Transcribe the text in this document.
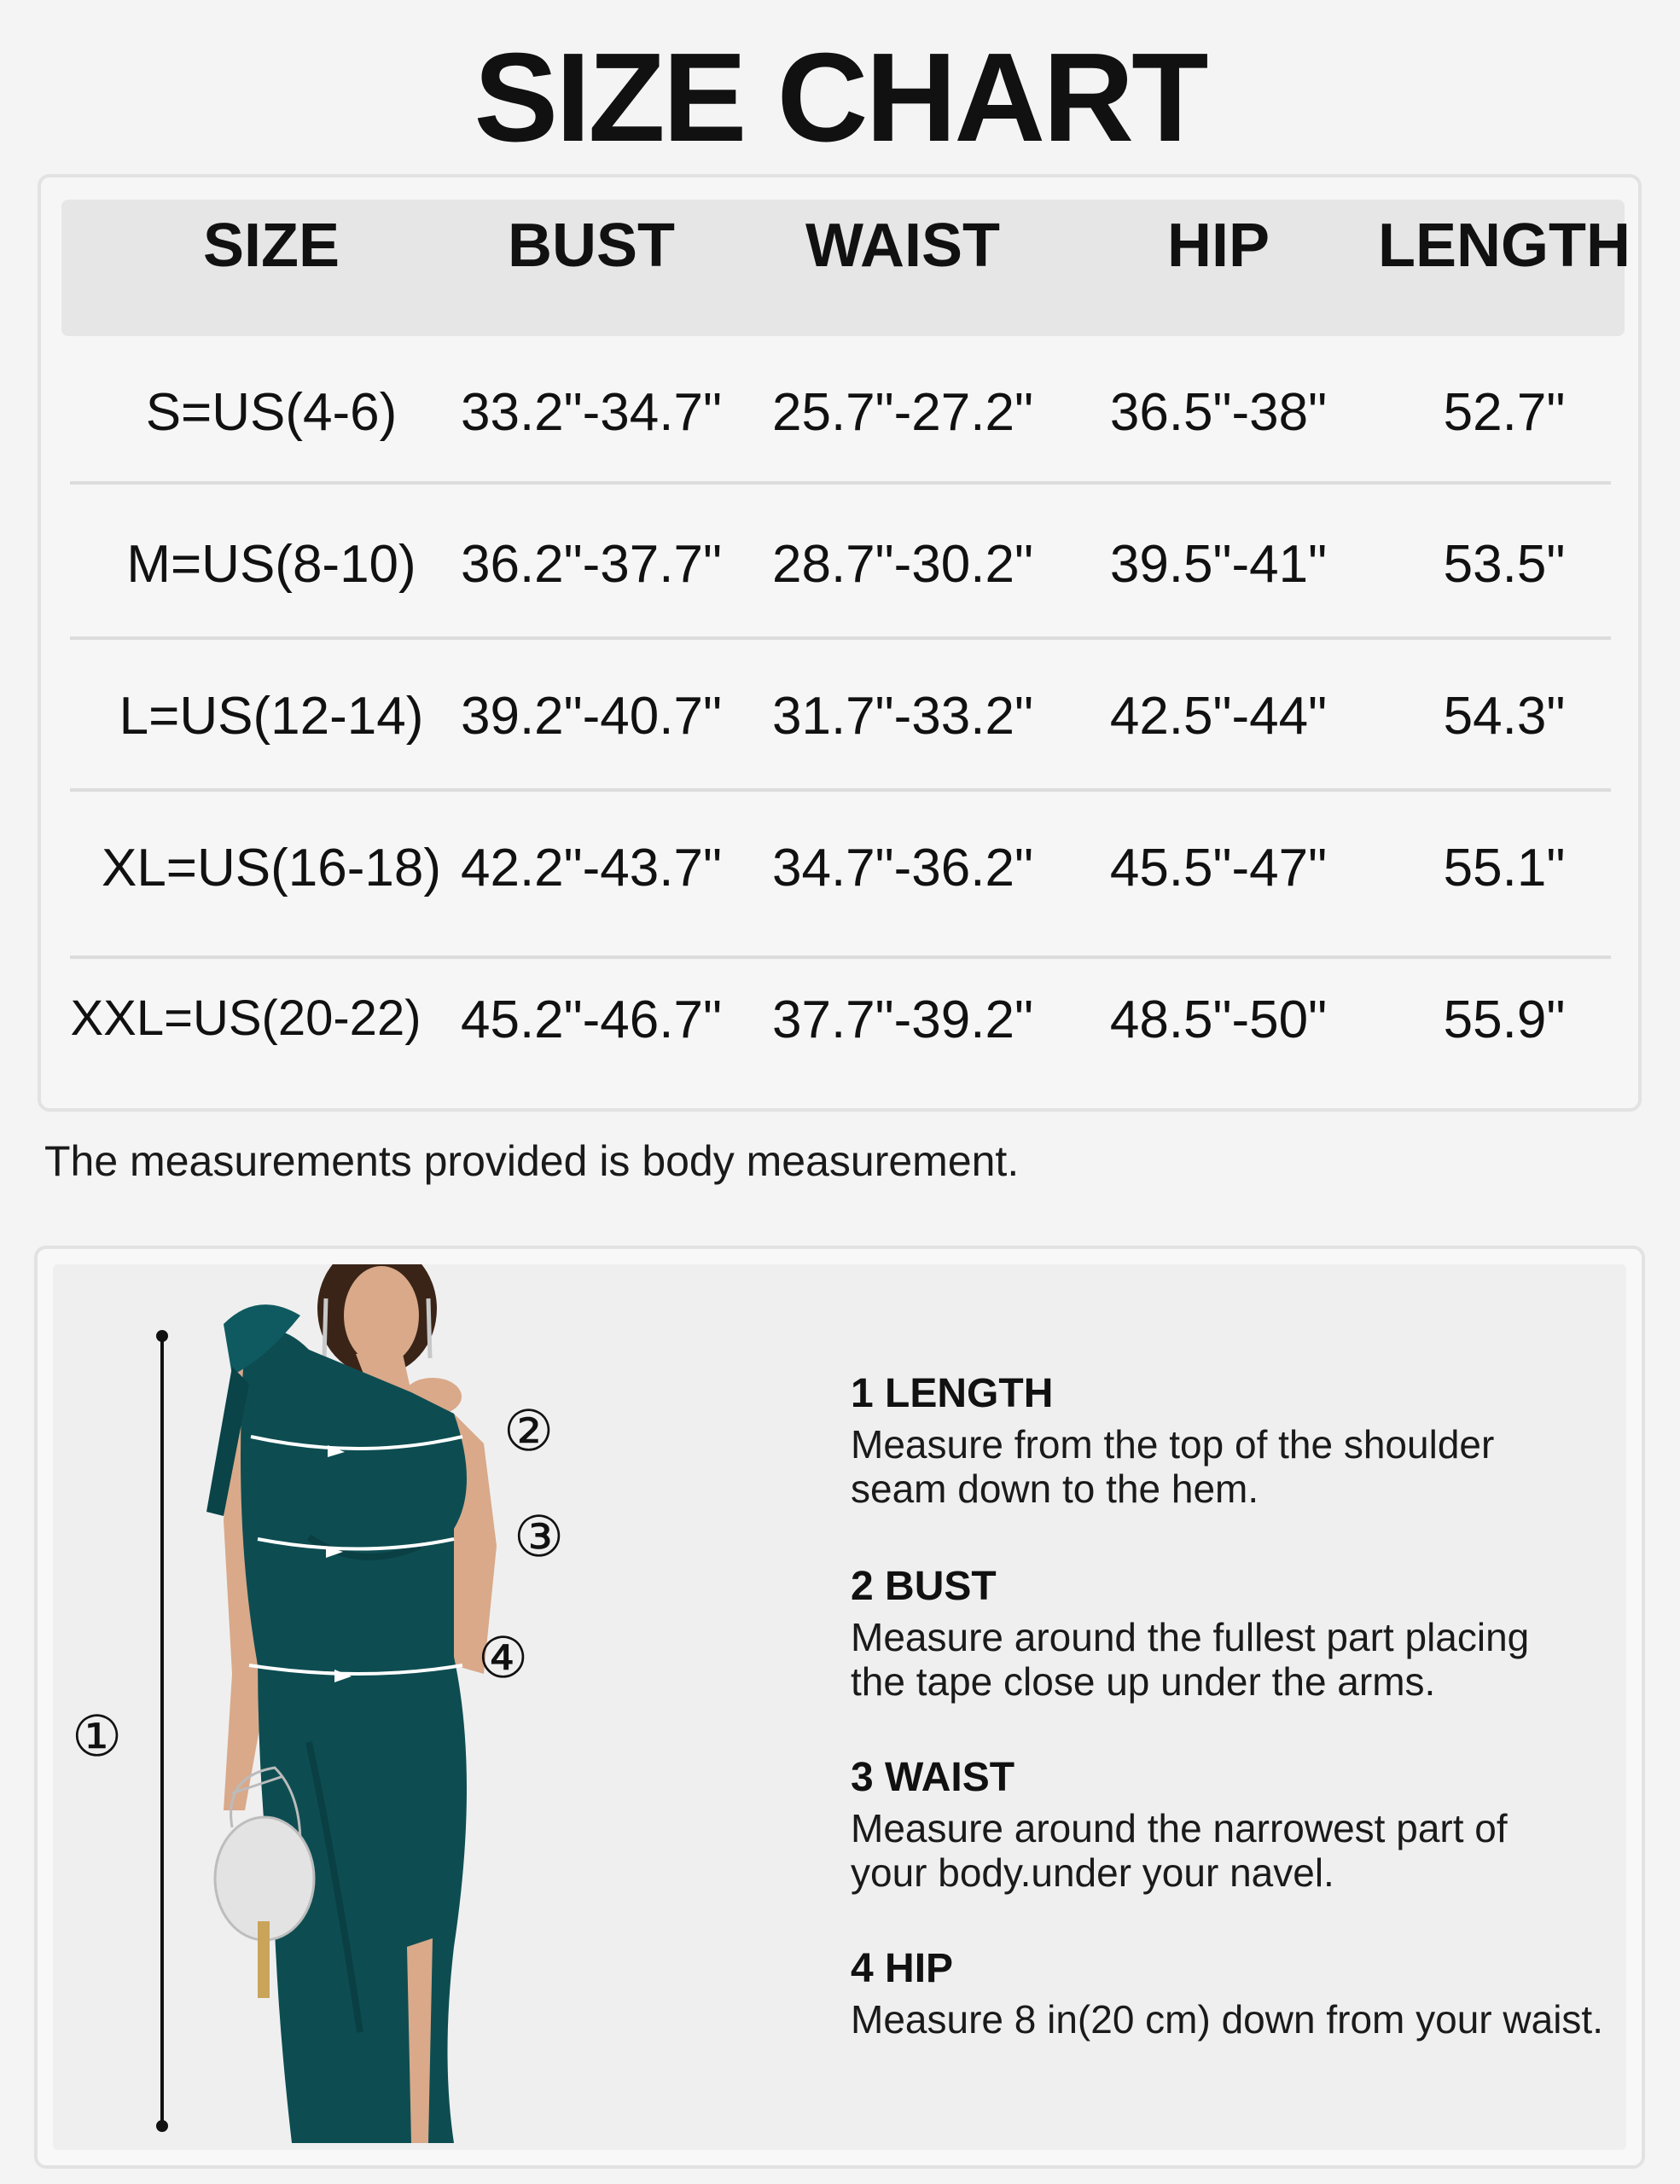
SIZE CHART
SIZE	BUST	WAIST	HIP	LENGTH
S=US(4-6)	33.2"-34.7" 25.7"-27.2"	36.5"-38"	52.7"
M=US(8-10) 36.2"-37.7" 28.7"-30.2"	39.5"-41"	53.5"
L=US(12-14) 39.2"-40.7" 31.7"-33.2"	42.5"-44"	54.3"
XL=US(16-18) 42.2"-43.7" 34.7"-36.2"	45.5"-47"	55.1"
XXL=US(20-22) 45.2"-46.7" 37.7"-39.2"	48.5"-50"	55.9"
The measurements provided is body measurement.
①
②
③
④
1 LENGTH
Measure from the top of the shoulder
seam down to the hem.
2 BUST
Measure around the fullest part placing
the tape close up under the arms.
3 WAIST
Measure around the narrowest part of
your body.under your navel.
4 HIP
Measure 8 in(20 cm) down from your waist.
